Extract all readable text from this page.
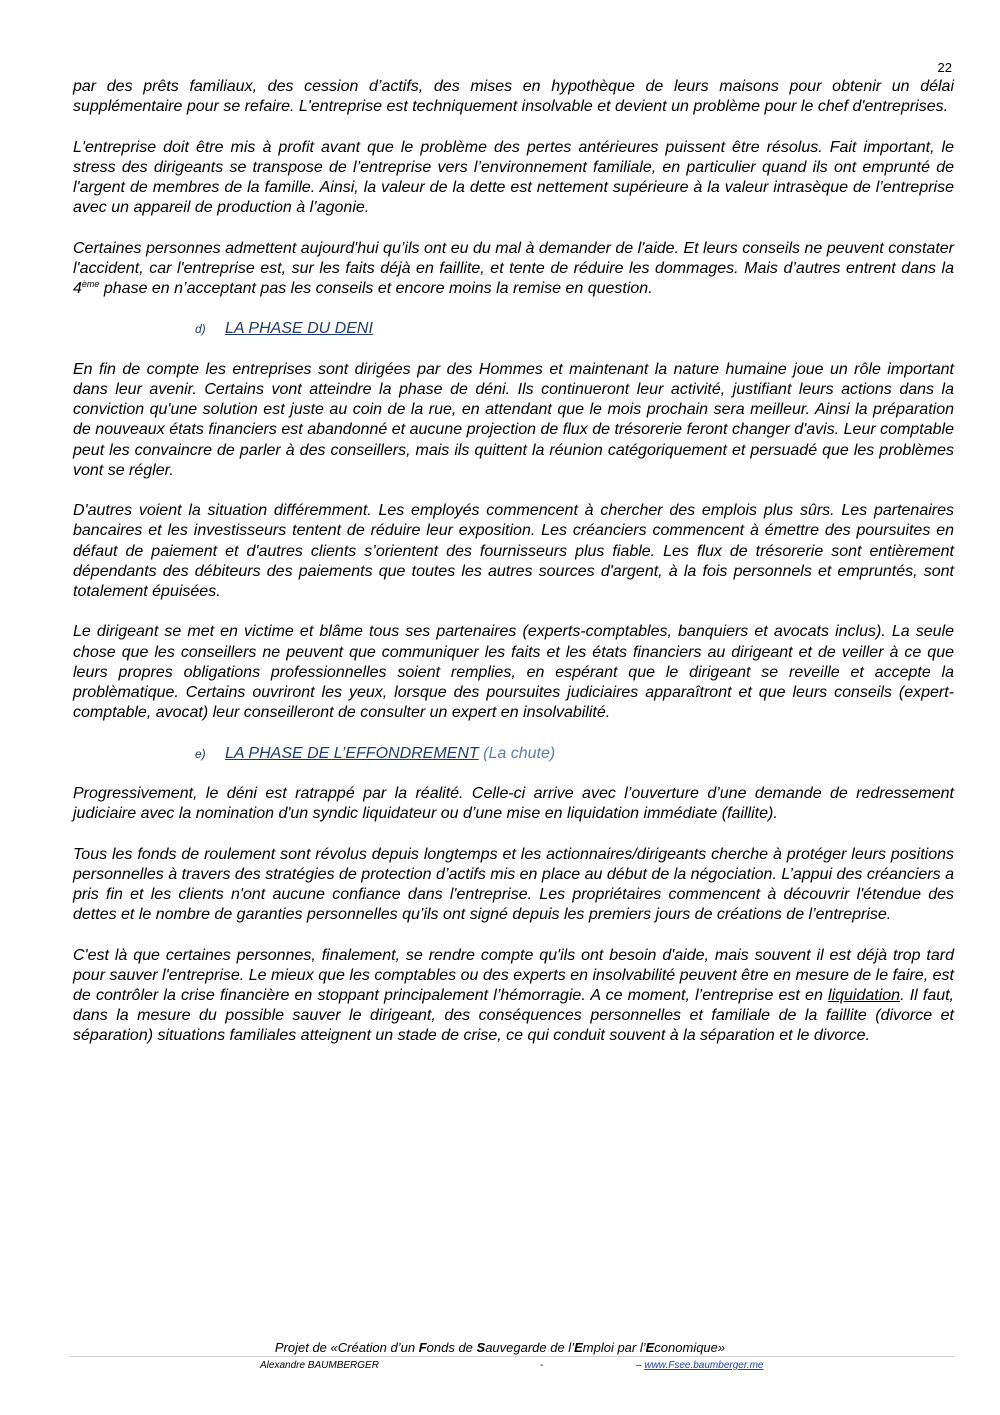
22

par des prêts familiaux, des cession d’actifs, des mises en hypothèque de leurs maisons pour obtenir un délai supplémentaire pour se refaire. L'entreprise est techniquement insolvable et devient un problème pour le chef d'entreprises.

L'entreprise doit être mis à profit avant que le problème des pertes antérieures puissent être résolus. Fait important, le stress des dirigeants se transpose de l’entreprise vers l’environnement familiale, en particulier quand ils ont emprunté de l'argent de membres de la famille. Ainsi, la valeur de la dette est nettement supérieure à la valeur intrasèque de l’entreprise avec un appareil de production à l’agonie.

Certaines personnes admettent aujourd'hui qu’ils ont eu du mal à demander de l'aide. Et leurs conseils ne peuvent constater l'accident, car l'entreprise est, sur les faits déjà en faillite, et tente de réduire les dommages. Mais d’autres entrent dans la 4ème phase en n’acceptant pas les conseils et encore moins la remise en question.

d) LA PHASE DU DENI

En fin de compte les entreprises sont dirigées par des Hommes et maintenant la nature humaine joue un rôle important dans leur avenir. Certains vont atteindre la phase de déni. Ils continueront leur activité, justifiant leurs actions dans la conviction qu'une solution est juste au coin de la rue, en attendant que le mois prochain sera meilleur. Ainsi la préparation de nouveaux états financiers est abandonné et aucune projection de flux de trésorerie feront changer d'avis. Leur comptable peut les convaincre de parler à des conseillers, mais ils quittent la réunion catégoriquement et persuadé que les problèmes vont se régler.

D'autres voient la situation différemment. Les employés commencent à chercher des emplois plus sûrs. Les partenaires bancaires et les investisseurs tentent de réduire leur exposition. Les créanciers commencent à émettre des poursuites en défaut de paiement et d'autres clients s’orientent des fournisseurs plus fiable. Les flux de trésorerie sont entièrement dépendants des débiteurs des paiements que toutes les autres sources d'argent, à la fois personnels et empruntés, sont totalement épuisées.

Le dirigeant se met en victime et blâme tous ses partenaires (experts-comptables, banquiers et avocats inclus). La seule chose que les conseillers ne peuvent que communiquer les faits et les états financiers au dirigeant et de veiller à ce que leurs propres obligations professionnelles soient remplies, en espérant que le dirigeant se reveille et accepte la problèmatique. Certains ouvriront les yeux, lorsque des poursuites judiciaires apparaîtront et que leurs conseils (expert-comptable, avocat) leur conseilleront de consulter un expert en insolvabilité.

e) LA PHASE DE L’EFFONDREMENT (La chute)

Progressivement, le déni est ratrappé par la réalité. Celle-ci arrive avec l’ouverture d’une demande de redressement judiciaire avec la nomination d'un syndic liquidateur ou d’une mise en liquidation immédiate (faillite).

Tous les fonds de roulement sont révolus depuis longtemps et les actionnaires/dirigeants cherche à protéger leurs positions personnelles à travers des stratégies de protection d’actifs mis en place au début de la négociation. L’appui des créanciers a pris fin et les clients n'ont aucune confiance dans l'entreprise. Les propriétaires commencent à découvrir l'étendue des dettes et le nombre de garanties personnelles qu’ils ont signé depuis les premiers jours de créations de l’entreprise.

C'est là que certaines personnes, finalement, se rendre compte qu'ils ont besoin d'aide, mais souvent il est déjà trop tard pour sauver l'entreprise. Le mieux que les comptables ou des experts en insolvabilité peuvent être en mesure de le faire, est de contrôler la crise financière en stoppant principalement l’hémorragie. A ce moment, l’entreprise est en liquidation. Il faut, dans la mesure du possible sauver le dirigeant, des conséquences personnelles et familiale de la faillite (divorce et séparation) situations familiales atteignent un stade de crise, ce qui conduit souvent à la séparation et le divorce.

Projet de «Création d’un Fonds de Sauvegarde de l’Emploi par l’Economique»
Alexandre BAUMBERGER	-	– www.Fsee.baumberger.me
